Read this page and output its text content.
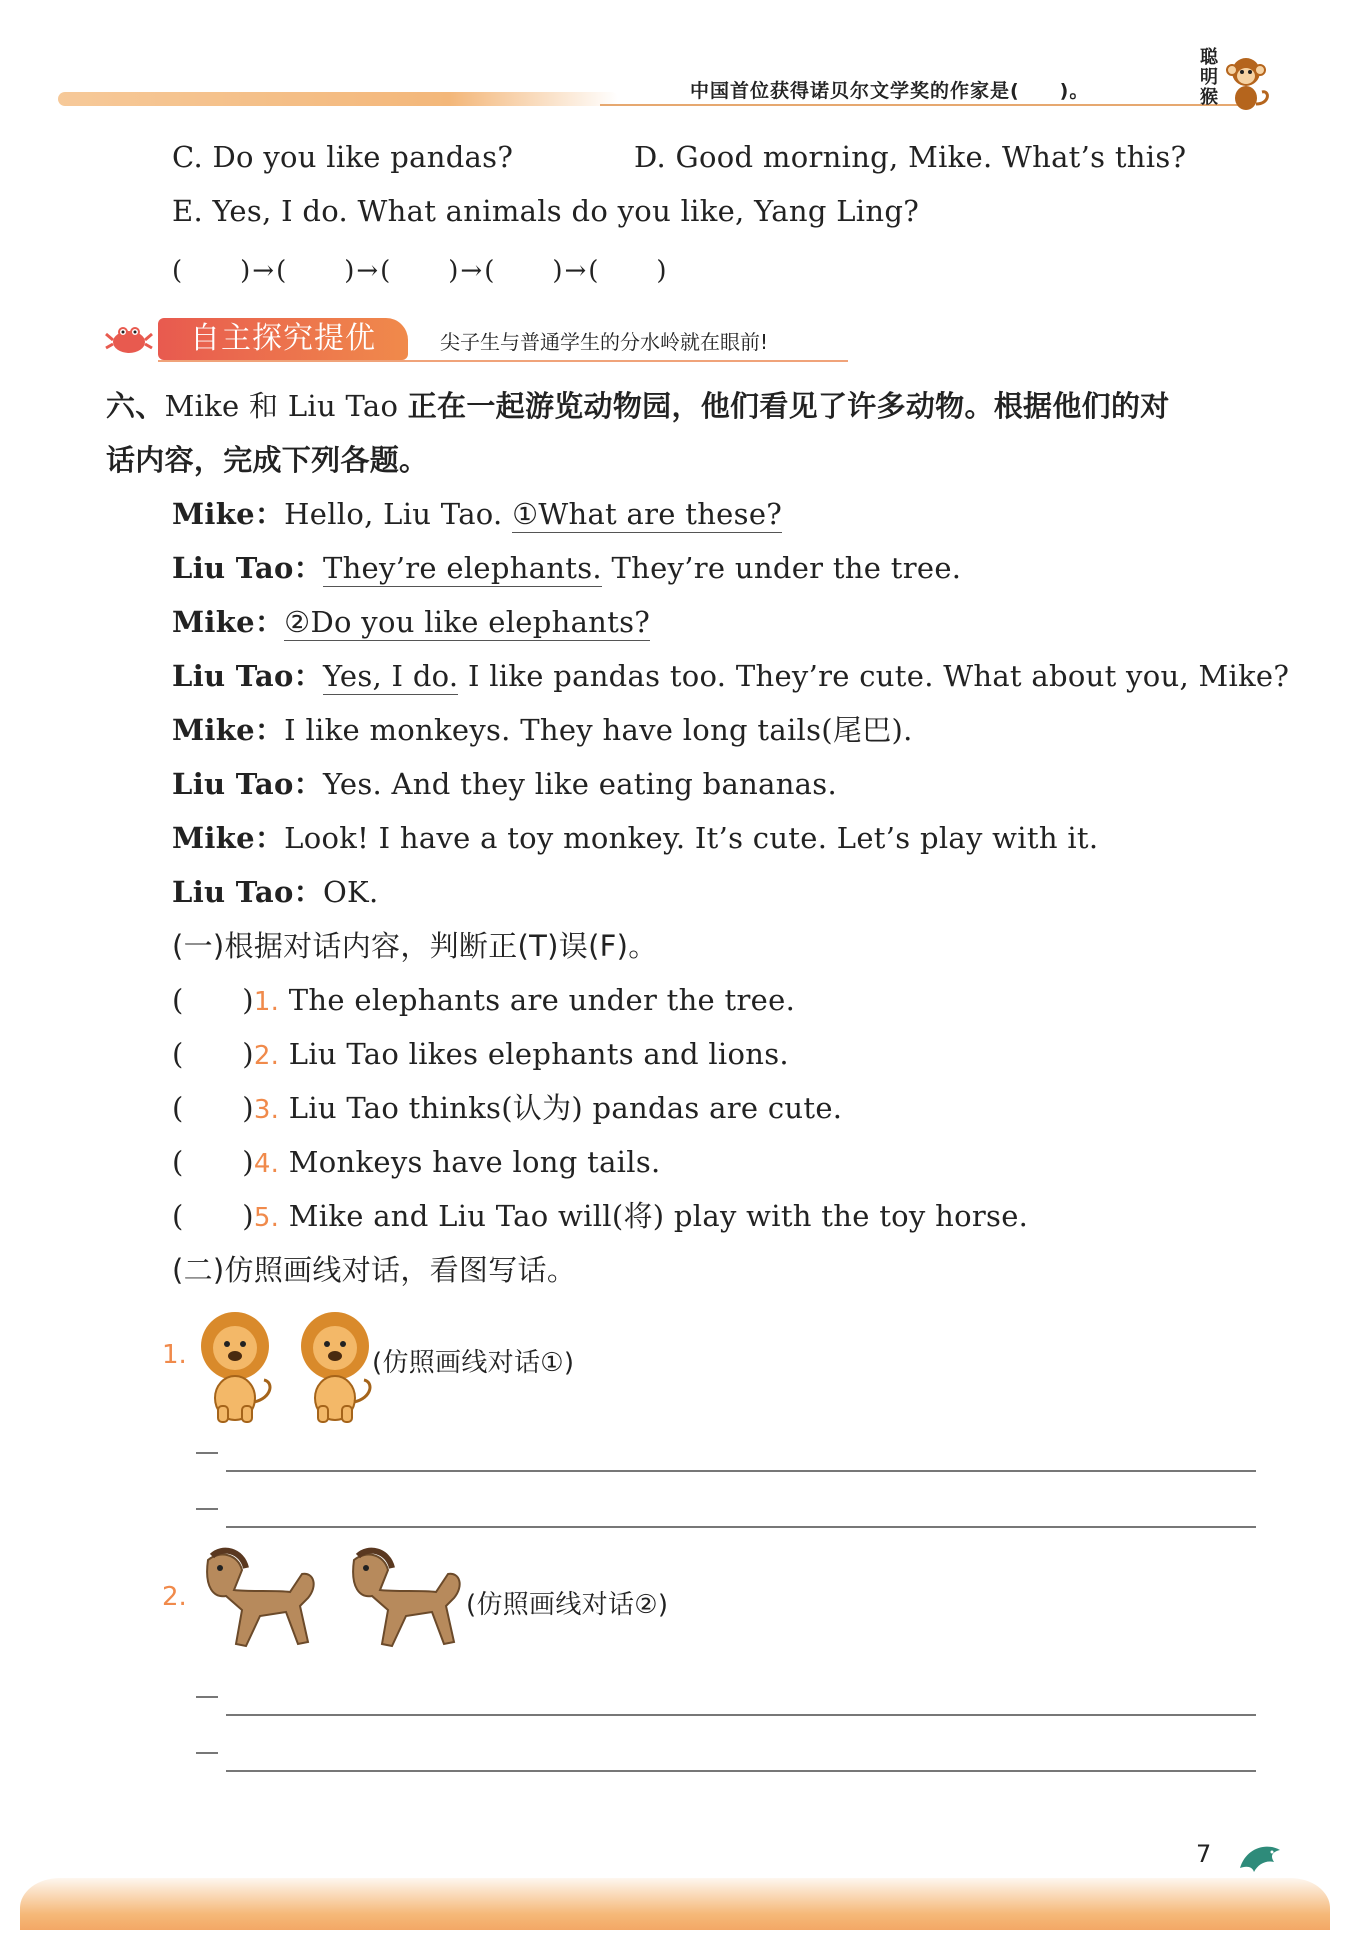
中国首位获得诺贝尔文学奖的作家是(　　)。
聪
明
猴
C. Do you like pandas?	D. Good morning, Mike. What’s this?
E. Yes, I do. What animals do you like, Yang Ling?
(　　)→(　　)→(　　)→(　　)→(　　)
自主探究提优	尖子生与普通学生的分水岭就在眼前!
六、Mike 和 Liu Tao 正在一起游览动物园，他们看见了许多动物。根据他们的对
话内容，完成下列各题。
Mike：Hello, Liu Tao. ①What are these?
Liu Tao：They’re elephants. They’re under the tree.
Mike：②Do you like elephants?
Liu Tao：Yes, I do. I like pandas too. They’re cute. What about you, Mike?
Mike：I like monkeys. They have long tails(尾巴).
Liu Tao：Yes. And they like eating bananas.
Mike：Look! I have a toy monkey. It’s cute. Let’s play with it.
Liu Tao：OK.
(一)根据对话内容，判断正(T)误(F)。
(　　)1. The elephants are under the tree.
(　　)2. Liu Tao likes elephants and lions.
(　　)3. Liu Tao thinks(认为) pandas are cute.
(　　)4. Monkeys have long tails.
(　　)5. Mike and Liu Tao will(将) play with the toy horse.
(二)仿照画线对话，看图写话。
1.	(仿照画线对话①)
2.	(仿照画线对话②)
7
